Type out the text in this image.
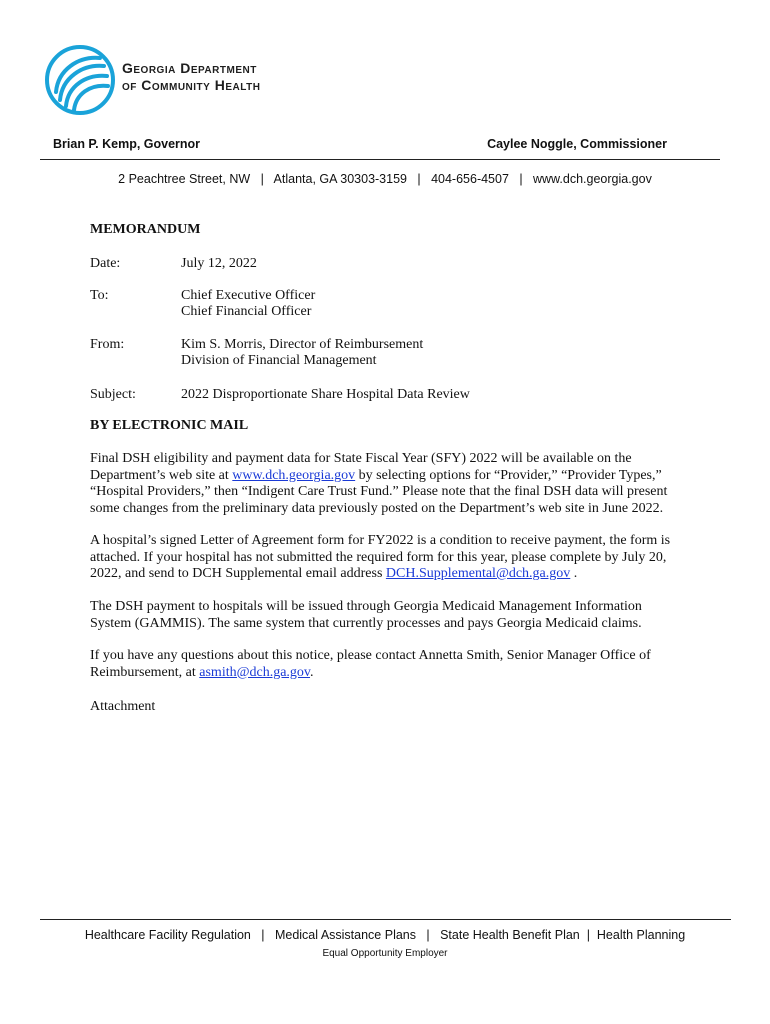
Georgia Department
of Community Health
Brian P. Kemp, Governor	Caylee Noggle, Commissioner
2 Peachtree Street, NW   |   Atlanta, GA 30303-3159   |   404-656-4507   |   www.dch.georgia.gov
MEMORANDUM
Date:	July 12, 2022
To:	Chief Executive Officer
Chief Financial Officer
From:	Kim S. Morris, Director of Reimbursement
Division of Financial Management
Subject:	2022 Disproportionate Share Hospital Data Review
BY ELECTRONIC MAIL
Final DSH eligibility and payment data for State Fiscal Year (SFY) 2022 will be available on the Department’s web site at www.dch.georgia.gov by selecting options for “Provider,” “Provider Types,” “Hospital Providers,” then “Indigent Care Trust Fund.” Please note that the final DSH data will present some changes from the preliminary data previously posted on the Department’s web site in June 2022.
A hospital’s signed Letter of Agreement form for FY2022 is a condition to receive payment, the form is attached. If your hospital has not submitted the required form for this year, please complete by July 20, 2022, and send to DCH Supplemental email address DCH.Supplemental@dch.ga.gov .
The DSH payment to hospitals will be issued through Georgia Medicaid Management Information System (GAMMIS). The same system that currently processes and pays Georgia Medicaid claims.
If you have any questions about this notice, please contact Annetta Smith, Senior Manager Office of Reimbursement, at asmith@dch.ga.gov.
Attachment
Healthcare Facility Regulation   |   Medical Assistance Plans   |   State Health Benefit Plan  |  Health Planning
Equal Opportunity Employer
